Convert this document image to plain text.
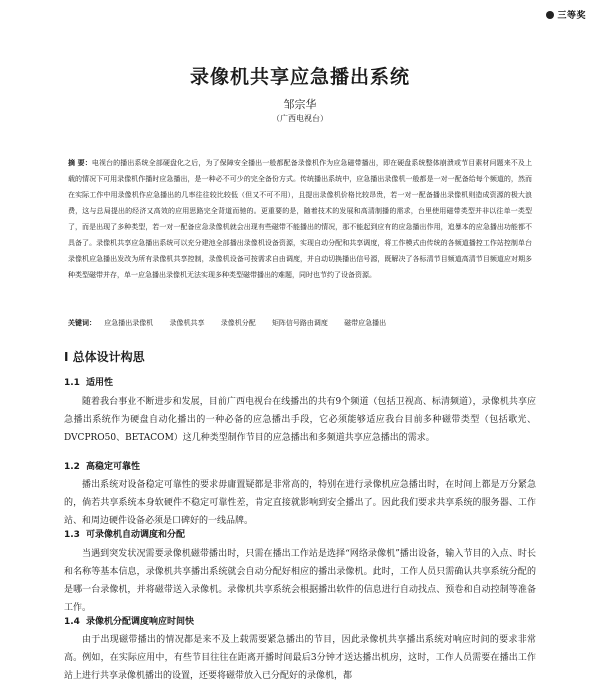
三等奖
录像机共享应急播出系统
邹宗华
（广西电视台）
摘 要：电视台的播出系统全部硬盘化之后，为了保障安全播出一般都配备录像机作为应急磁带播出，即在硬盘系统整体崩溃或节目素材问题来不及上载的情况下可用录像机作播时应急播出，是一种必不可少的完全备份方式。传统播出系统中，应急播出录像机一般都是一对一配备给每个频道的，然而在实际工作中用录像机作应急播出的几率往往较比较低（但又不可不用），且提出录像机价格比较昂贵，若一对一配备播出录像机则造成资源的极大浪费，这与总局提出的经济又高效的应用思路完全背道而驰的。更重要的是，随着技术的发展和高清制播的需求，台里使用磁带类型并非以往单一类型了，而是出现了多种类型，若一对一配备应急录像机就会出现有些磁带不能播出的情况，那不能起到应有的应急播出作用，追暴本的应急播出功能都不具备了。录像机共享应急播出系统可以充分建池全部播出录像机设备资源，实现自动分配和共享调度，将工作模式由传统的各频道播控工作站控制单台录像机应急播出发改为所有录像机共享控制，录像机设备可按需求自由调度，并自动切换播出信号源，既解决了各标清节目频道高清节目频道应对期多种类型磁带并存，单一应急播出录像机无法实现多种类型磁带播出的难题，同时也节约了设备资源。
关键词： 应急播出录像机 录像机共享 录像机分配 矩阵信号路由调度 磁带应急播出
I 总体设计构思
1.1 适用性
随着我台事业不断进步和发展，目前广西电视台在线播出的共有9个频道（包括卫视高、标清频道），录像机共享应急播出系统作为硬盘自动化播出的一种必备的应急播出手段，它必须能够适应我台目前多种磁带类型（包括歌光、DVCPRO50、BETACOM）这几种类型制作节目的应急播出和多频道共享应急播出的需求。
1.2 高稳定可靠性
播出系统对设备稳定可靠性的要求毋庸置疑都是非常高的，特别在进行录像机应急播出时，在时间上都是万分紧急的，倘若共享系统本身软硬件不稳定可靠性差，肯定直接就影响到安全播出了。因此我们要求共享系统的服务器、工作站、和周边硬件设备必须是口碑好的一线品牌。
1.3 可录像机自动调度和分配
当遇到突发状况需要录像机磁带播出时，只需在播出工作站是选择“网络录像机”播出设备，输入节目的入点、时长和名称等基本信息，录像机共享播出系统就会自动分配好相应的播出录像机。此时，工作人员只需确认共享系统分配的是哪一台录像机，并将磁带送入录像机。录像机共享系统会根据播出软件的信息进行自动找点、预卷和自动控制等准备工作。
1.4 录像机分配调度响应时间快
由于出现磁带播出的情况都是来不及上载需要紧急播出的节目，因此录像机共享播出系统对响应时间的要求非常高。例如，在实际应用中，有些节目往往在距离开播时间最后3分钟才送达播出机房，这时，工作人员需要在播出工作站上进行共享录像机播出的设置，还要将磁带放入已分配好的录像机，都
